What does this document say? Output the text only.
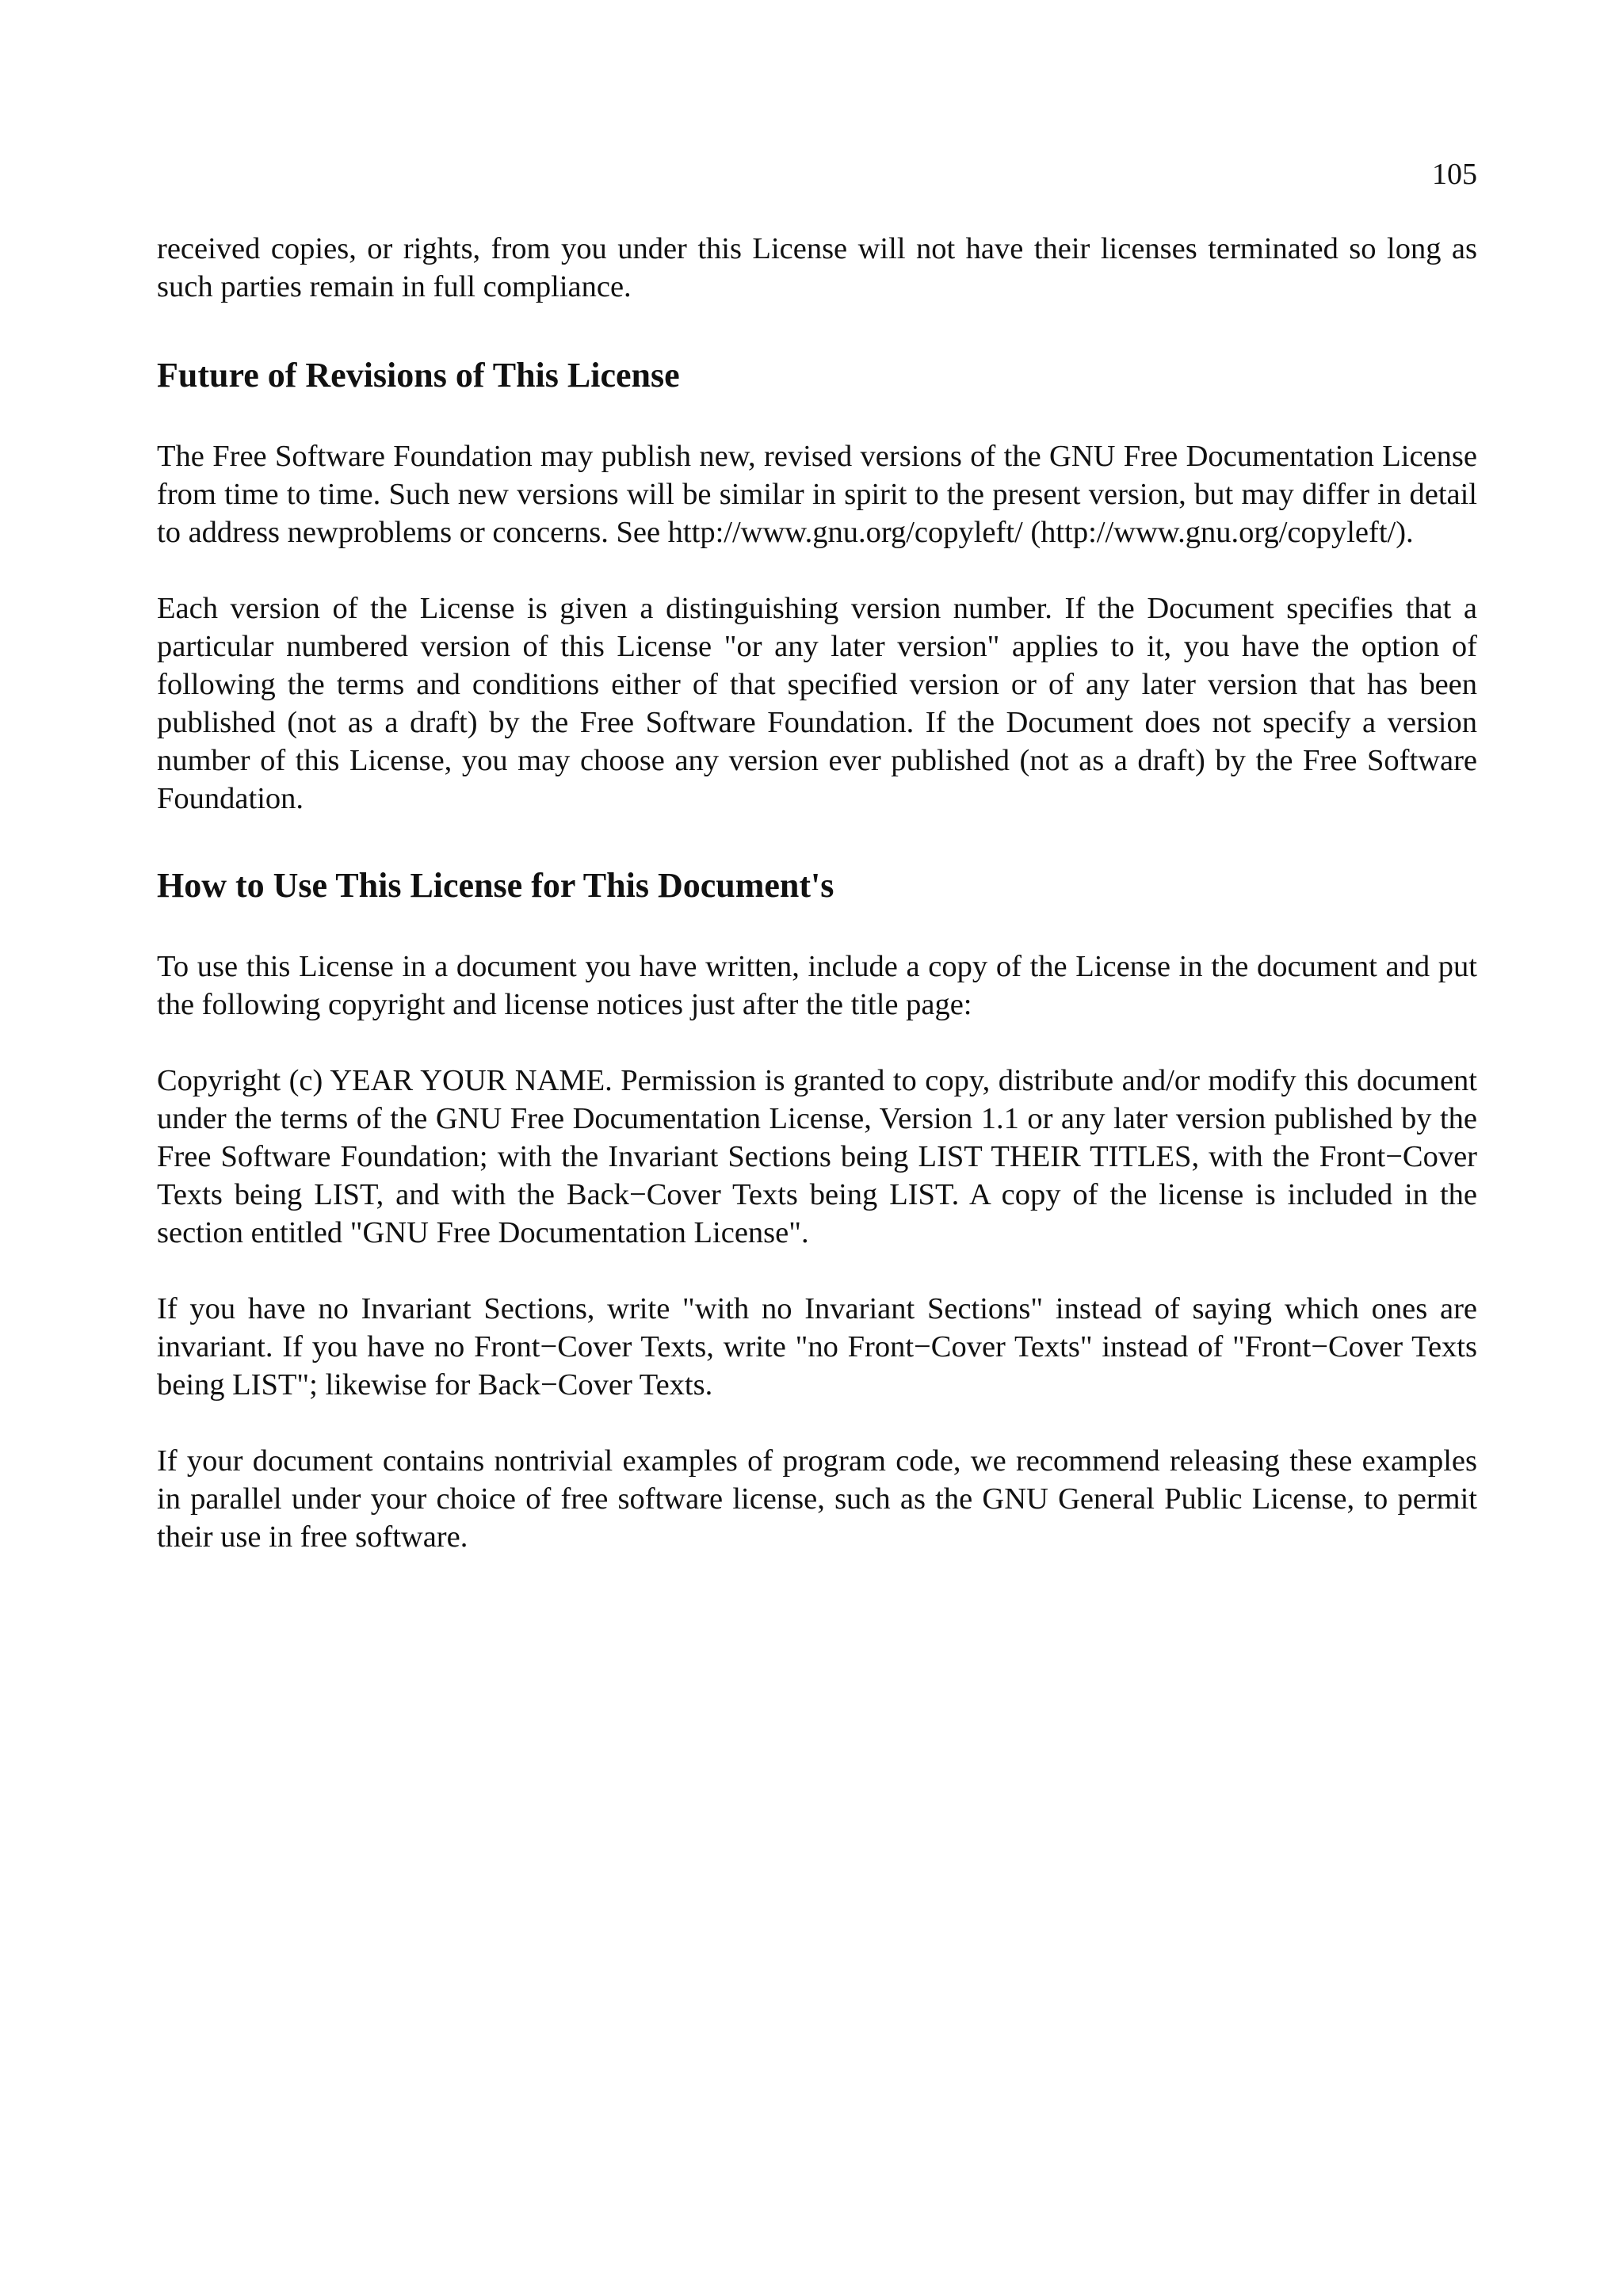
105

received copies, or rights, from you under this License will not have their licenses terminated so long as such parties remain in full compliance.

Future of Revisions of This License

The Free Software Foundation may publish new, revised versions of the GNU Free Documentation License from time to time. Such new versions will be similar in spirit to the present version, but may differ in detail to address newproblems or concerns. See http://www.gnu.org/copyleft/ (http://www.gnu.org/copyleft/).

Each version of the License is given a distinguishing version number. If the Document specifies that a particular numbered version of this License "or any later version" applies to it, you have the option of following the terms and conditions either of that specified version or of any later version that has been published (not as a draft) by the Free Software Foundation. If the Document does not specify a version number of this License, you may choose any version ever published (not as a draft) by the Free Software Foundation.

How to Use This License for This Document's

To use this License in a document you have written, include a copy of the License in the document and put the following copyright and license notices just after the title page:

Copyright (c) YEAR YOUR NAME. Permission is granted to copy, distribute and/or modify this document under the terms of the GNU Free Documentation License, Version 1.1 or any later version published by the Free Software Foundation; with the Invariant Sections being LIST THEIR TITLES, with the Front−Cover Texts being LIST, and with the Back−Cover Texts being LIST. A copy of the license is included in the section entitled "GNU Free Documentation License".

If you have no Invariant Sections, write "with no Invariant Sections" instead of saying which ones are invariant. If you have no Front−Cover Texts, write "no Front−Cover Texts" instead of "Front−Cover Texts being LIST"; likewise for Back−Cover Texts.

If your document contains nontrivial examples of program code, we recommend releasing these examples in parallel under your choice of free software license, such as the GNU General Public License, to permit their use in free software.
